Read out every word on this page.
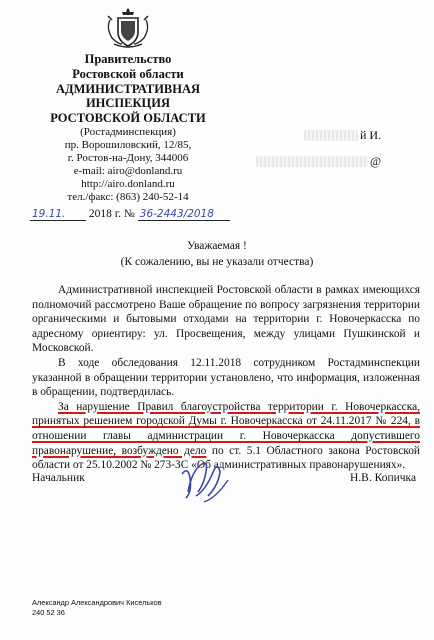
Правительство
Ростовской области
АДМИНИСТРАТИВНАЯ
ИНСПЕКЦИЯ
РОСТОВСКОЙ ОБЛАСТИ
(Ростадминспекция)
пр. Ворошиловский, 12/85,
г. Ростов-на-Дону, 344006
e-mail: airo@donland.ru
http://airo.donland.ru
тел./факс: (863) 240-52-14
й И.
@
19.11. 2018 г. № 36-2443/2018
Уважаемая !
(К сожалению, вы не указали отчества)

Административной инспекцией Ростовской области в рамках имеющихся полномочий рассмотрено Ваше обращение по вопросу загрязнения территории органическими и бытовыми отходами на территории г. Новочеркасска по адресному ориентиру: ул. Просвещения, между улицами Пушкинской и Московской.

В ходе обследования 12.11.2018 сотрудником Ростадминспекции указанной в обращении территории установлено, что информация, изложенная в обращении, подтвердилась.

За нарушение Правил благоустройства территории г. Новочеркасска, принятых решением городской Думы г. Новочеркасска от 24.11.2017 № 224, в отношении главы администрации г. Новочеркасска допустившего правонарушение, возбуждено дело по ст. 5.1 Областного закона Ростовской области от 25.10.2002 № 273-ЗС «Об административных правонарушениях».

Начальник	Н.В. Копичка
Александр Александрович Кисельков
240 52 36
